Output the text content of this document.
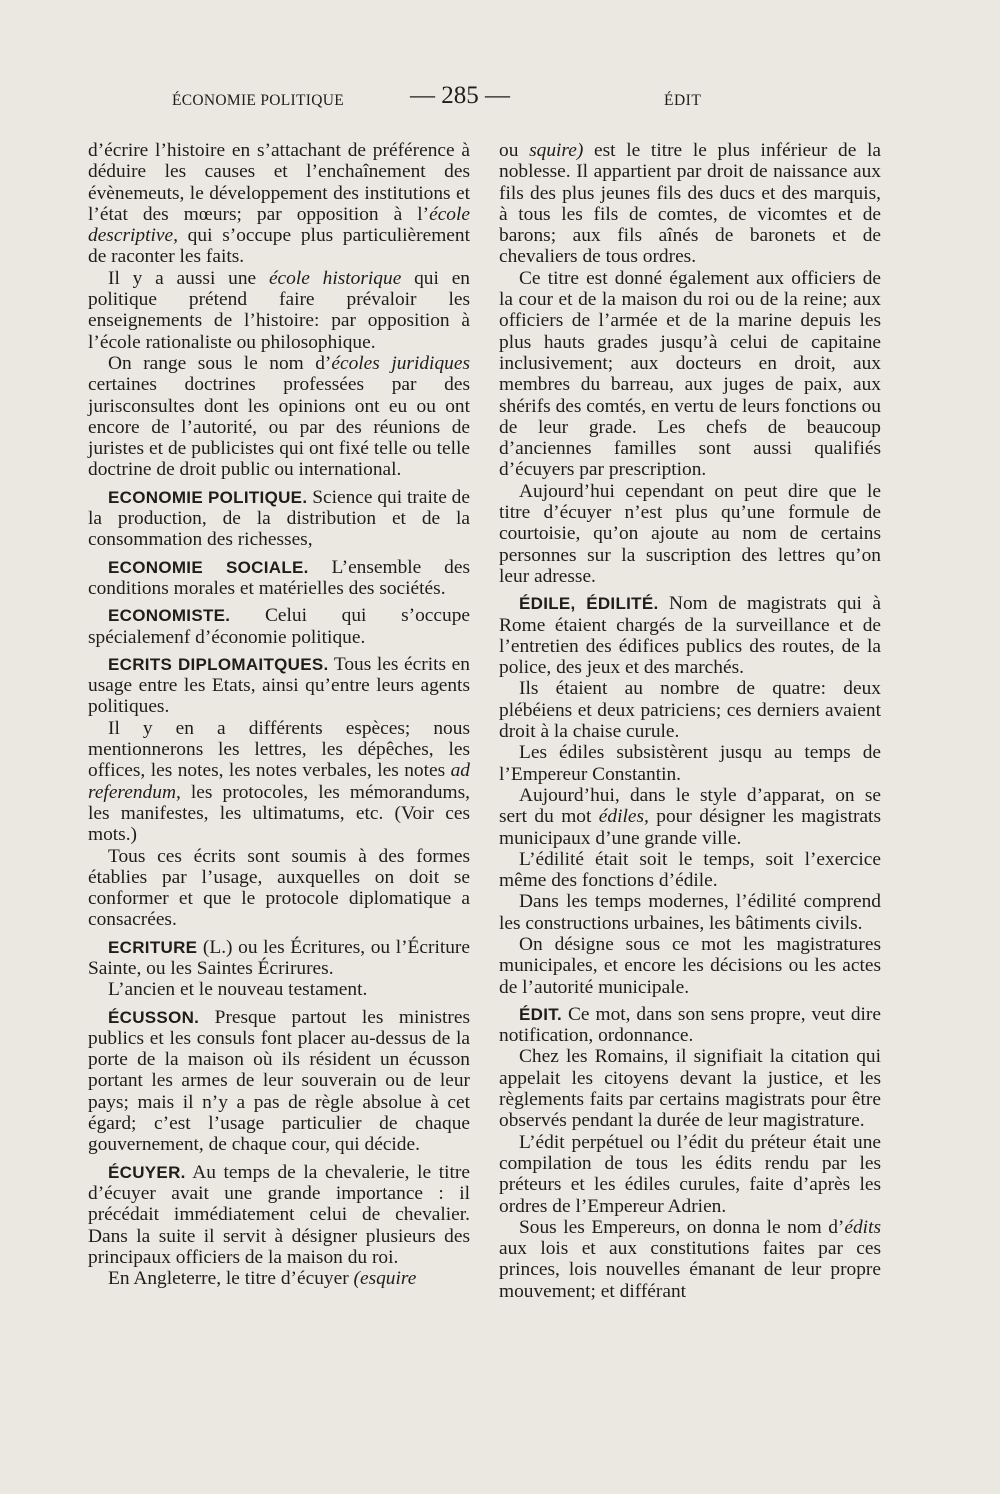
ÉCONOMIE POLITIQUE	— 285 —	ÉDIT

d’écrire l’histoire en s’attachant de préférence à déduire les causes et l’enchaînement des évènemeuts, le développement des institutions et l’état des mœurs; par opposition à l’école descriptive, qui s’occupe plus particulièrement de raconter les faits.

Il y a aussi une école historique qui en politique prétend faire prévaloir les enseignements de l’histoire: par opposition à l’école rationaliste ou philosophique.

On range sous le nom d’écoles juridiques certaines doctrines professées par des jurisconsultes dont les opinions ont eu ou ont encore de l’autorité, ou par des réunions de juristes et de publicistes qui ont fixé telle ou telle doctrine de droit public ou international.

ECONOMIE POLITIQUE. Science qui traite de la production, de la distribution et de la consommation des richesses,

ECONOMIE SOCIALE. L’ensemble des conditions morales et matérielles des sociétés.

ECONOMISTE. Celui qui s’occupe spécialemenf d’économie politique.

ECRITS DIPLOMAITQUES. Tous les écrits en usage entre les Etats, ainsi qu’entre leurs agents politiques.

Il y en a différents espèces; nous mentionnerons les lettres, les dépêches, les offices, les notes, les notes verbales, les notes ad referendum, les protocoles, les mémorandums, les manifestes, les ultimatums, etc. (Voir ces mots.)

Tous ces écrits sont soumis à des formes établies par l’usage, auxquelles on doit se conformer et que le protocole diplomatique a consacrées.

ECRITURE (L.) ou les Écritures, ou l’Écriture Sainte, ou les Saintes Écrirures.

L’ancien et le nouveau testament.

ÉCUSSON. Presque partout les ministres publics et les consuls font placer au-dessus de la porte de la maison où ils résident un écusson portant les armes de leur souverain ou de leur pays; mais il n’y a pas de règle absolue à cet égard; c’est l’usage particulier de chaque gouvernement, de chaque cour, qui décide.

ÉCUYER. Au temps de la chevalerie, le titre d’écuyer avait une grande importance : il précédait immédiatement celui de chevalier. Dans la suite il servit à désigner plusieurs des principaux officiers de la maison du roi.

En Angleterre, le titre d’écuyer (esquire

ou squire) est le titre le plus inférieur de la noblesse. Il appartient par droit de naissance aux fils des plus jeunes fils des ducs et des marquis, à tous les fils de comtes, de vicomtes et de barons; aux fils aînés de baronets et de chevaliers de tous ordres.

Ce titre est donné également aux officiers de la cour et de la maison du roi ou de la reine; aux officiers de l’armée et de la marine depuis les plus hauts grades jusqu’à celui de capitaine inclusivement; aux docteurs en droit, aux membres du barreau, aux juges de paix, aux shérifs des comtés, en vertu de leurs fonctions ou de leur grade. Les chefs de beaucoup d’anciennes familles sont aussi qualifiés d’écuyers par prescription.

Aujourd’hui cependant on peut dire que le titre d’écuyer n’est plus qu’une formule de courtoisie, qu’on ajoute au nom de certains personnes sur la suscription des lettres qu’on leur adresse.

ÉDILE, ÉDILITÉ. Nom de magistrats qui à Rome étaient chargés de la surveillance et de l’entretien des édifices publics des routes, de la police, des jeux et des marchés.

Ils étaient au nombre de quatre: deux plébéiens et deux patriciens; ces derniers avaient droit à la chaise curule.

Les édiles subsistèrent jusqu au temps de l’Empereur Constantin.

Aujourd’hui, dans le style d’apparat, on se sert du mot édiles, pour désigner les magistrats municipaux d’une grande ville.

L’édilité était soit le temps, soit l’exercice même des fonctions d’édile.

Dans les temps modernes, l’édilité comprend les constructions urbaines, les bâtiments civils.

On désigne sous ce mot les magistratures municipales, et encore les décisions ou les actes de l’autorité municipale.

ÉDIT. Ce mot, dans son sens propre, veut dire notification, ordonnance.

Chez les Romains, il signifiait la citation qui appelait les citoyens devant la justice, et les règlements faits par certains magistrats pour être observés pendant la durée de leur magistrature.

L’édit perpétuel ou l’édit du préteur était une compilation de tous les édits rendu par les préteurs et les édiles curules, faite d’après les ordres de l’Empereur Adrien.

Sous les Empereurs, on donna le nom d’édits aux lois et aux constitutions faites par ces princes, lois nouvelles émanant de leur propre mouvement; et différant
